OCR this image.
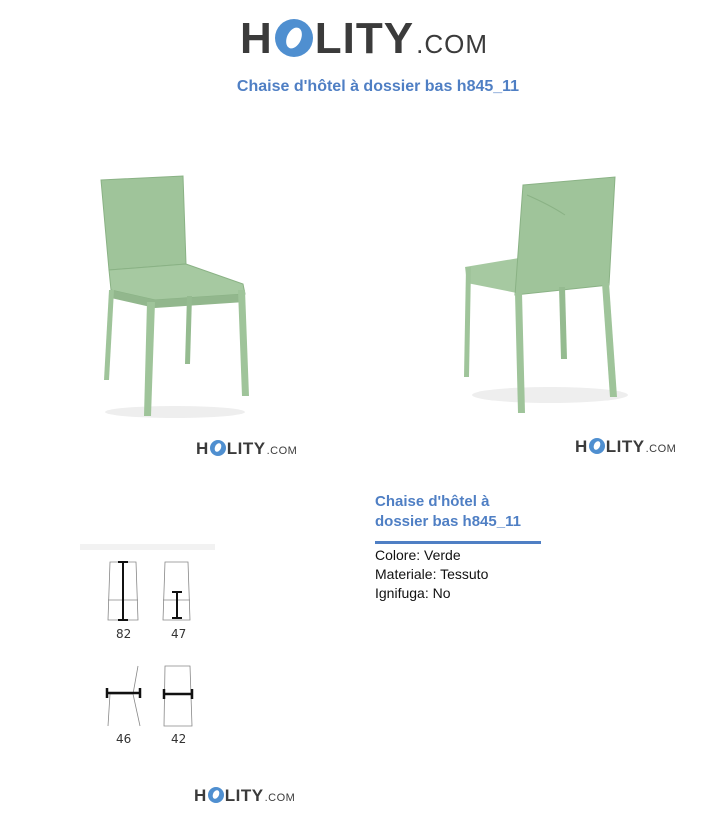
H LITY .COM
Chaise d'hôtel à dossier bas h845_11
H LITY .COM	H LITY .COM
Chaise d'hôtel à dossier bas h845_11
Colore: Verde
Materiale: Tessuto
Ignifuga: No
82	47
46	42
H LITY .COM
